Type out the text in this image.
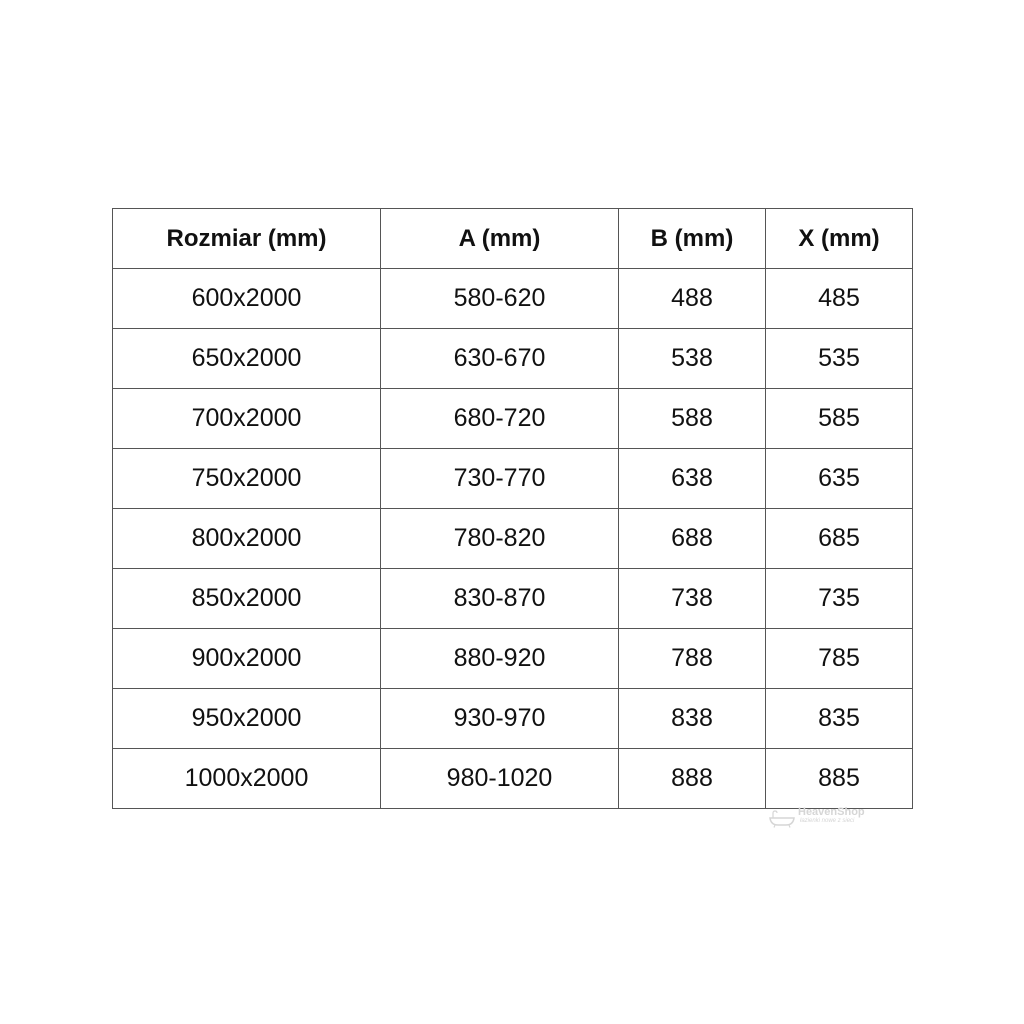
Rozmiar (mm)	A (mm)	B (mm)	X (mm)
600x2000	580-620	488	485
650x2000	630-670	538	535
700x2000	680-720	588	585
750x2000	730-770	638	635
800x2000	780-820	688	685
850x2000	830-870	738	735
900x2000	880-920	788	785
950x2000	930-970	838	835
1000x2000	980-1020	888	885
HeavenShop
łazienki nowe z sieci
